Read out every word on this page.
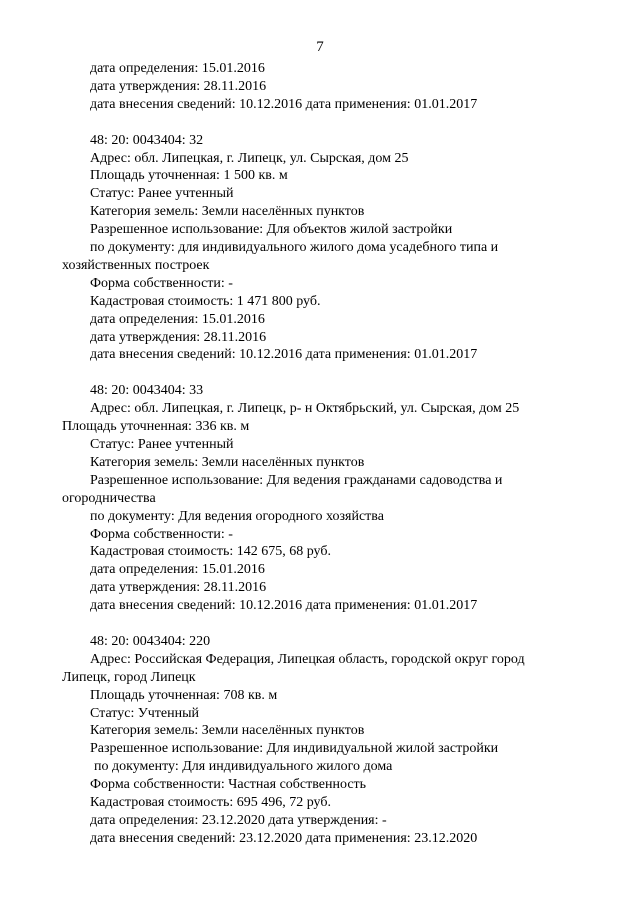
7
дата определения: 15.01.2016
дата утверждения: 28.11.2016
дата внесения сведений: 10.12.2016 дата применения: 01.01.2017
48: 20: 0043404: 32
Адрес: обл. Липецкая, г. Липецк, ул. Сырская, дом 25
Площадь уточненная: 1 500 кв. м
Статус: Ранее учтенный
Категория земель: Земли населённых пунктов
Разрешенное использование: Для объектов жилой застройки
по документу: для индивидуального жилого дома усадебного типа и
хозяйственных построек
Форма собственности: -
Кадастровая стоимость: 1 471 800 руб.
дата определения: 15.01.2016
дата утверждения: 28.11.2016
дата внесения сведений: 10.12.2016 дата применения: 01.01.2017
48: 20: 0043404: 33
Адрес: обл. Липецкая, г. Липецк, р- н Октябрьский, ул. Сырская, дом 25
Площадь уточненная: 336 кв. м
Статус: Ранее учтенный
Категория земель: Земли населённых пунктов
Разрешенное использование: Для ведения гражданами садоводства и
огородничества
по документу: Для ведения огородного хозяйства
Форма собственности: -
Кадастровая стоимость: 142 675, 68 руб.
дата определения: 15.01.2016
дата утверждения: 28.11.2016
дата внесения сведений: 10.12.2016 дата применения: 01.01.2017
48: 20: 0043404: 220
Адрес: Российская Федерация, Липецкая область, городской округ город
Липецк, город Липецк
Площадь уточненная: 708 кв. м
Статус: Учтенный
Категория земель: Земли населённых пунктов
Разрешенное использование: Для индивидуальной жилой застройки
по документу: Для индивидуального жилого дома
Форма собственности: Частная собственность
Кадастровая стоимость: 695 496, 72 руб.
дата определения: 23.12.2020 дата утверждения: -
дата внесения сведений: 23.12.2020 дата применения: 23.12.2020
